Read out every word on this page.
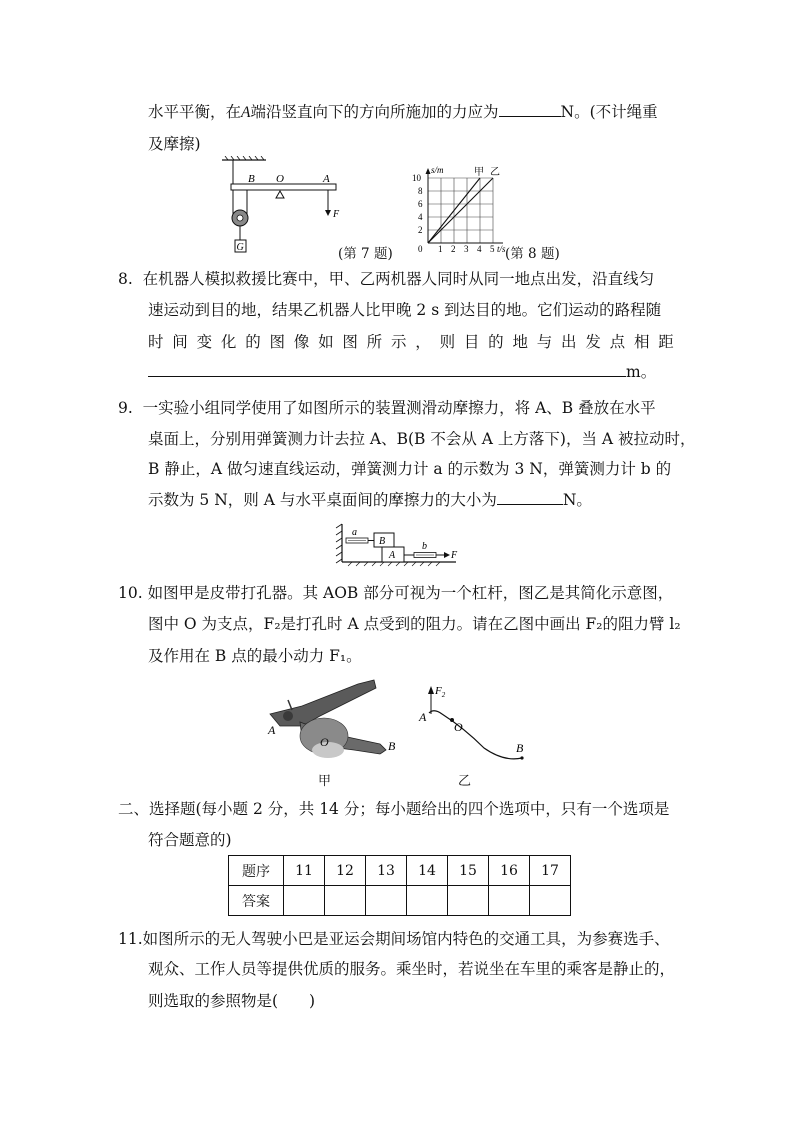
水平平衡，在A端沿竖直向下的方向所施加的力应为	N。(不计绳重
及摩擦)
G
B O	A
F
(第 7 题)
甲 乙
0 1 2 3 4 5
2
4
6
8
10
t/s
s/m
(第 8 题)
8. 在机器人模拟救援比赛中，甲、乙两机器人同时从同一地点出发，沿直线匀
速运动到目的地，结果乙机器人比甲晚 2 s 到达目的地。它们运动的路程随
时 间 变 化 的 图 像 如 图 所 示 ， 则 目 的 地 与 出 发 点 相 距
m。
9. 一实验小组同学使用了如图所示的装置测滑动摩擦力，将 A、B 叠放在水平
桌面上，分别用弹簧测力计去拉 A、B(B 不会从 A 上方落下)，当 A 被拉动时，
B 静止，A 做匀速直线运动，弹簧测力计 a 的示数为 3 N，弹簧测力计 b 的
示数为 5 N，则 A 与水平桌面间的摩擦力的大小为	N。
a
B
A
b
F
10. 如图甲是皮带打孔器。其 AOB 部分可视为一个杠杆，图乙是其简化示意图，
图中 O 为支点，F₂是打孔时 A 点受到的阻力。请在乙图中画出 F₂的阻力臂 l₂
及作用在 B 点的最小动力 F₁。
A
O	B
甲
$F_2$
A
O
B
乙
二、选择题(每小题 2 分，共 14 分；每小题给出的四个选项中，只有一个选项是
符合题意的)
题序	11	12	13	14	15	16	17
答案							
11.如图所示的无人驾驶小巴是亚运会期间场馆内特色的交通工具，为参赛选手、
观众、工作人员等提供优质的服务。乘坐时，若说坐在车里的乘客是静止的，
则选取的参照物是(　　)
